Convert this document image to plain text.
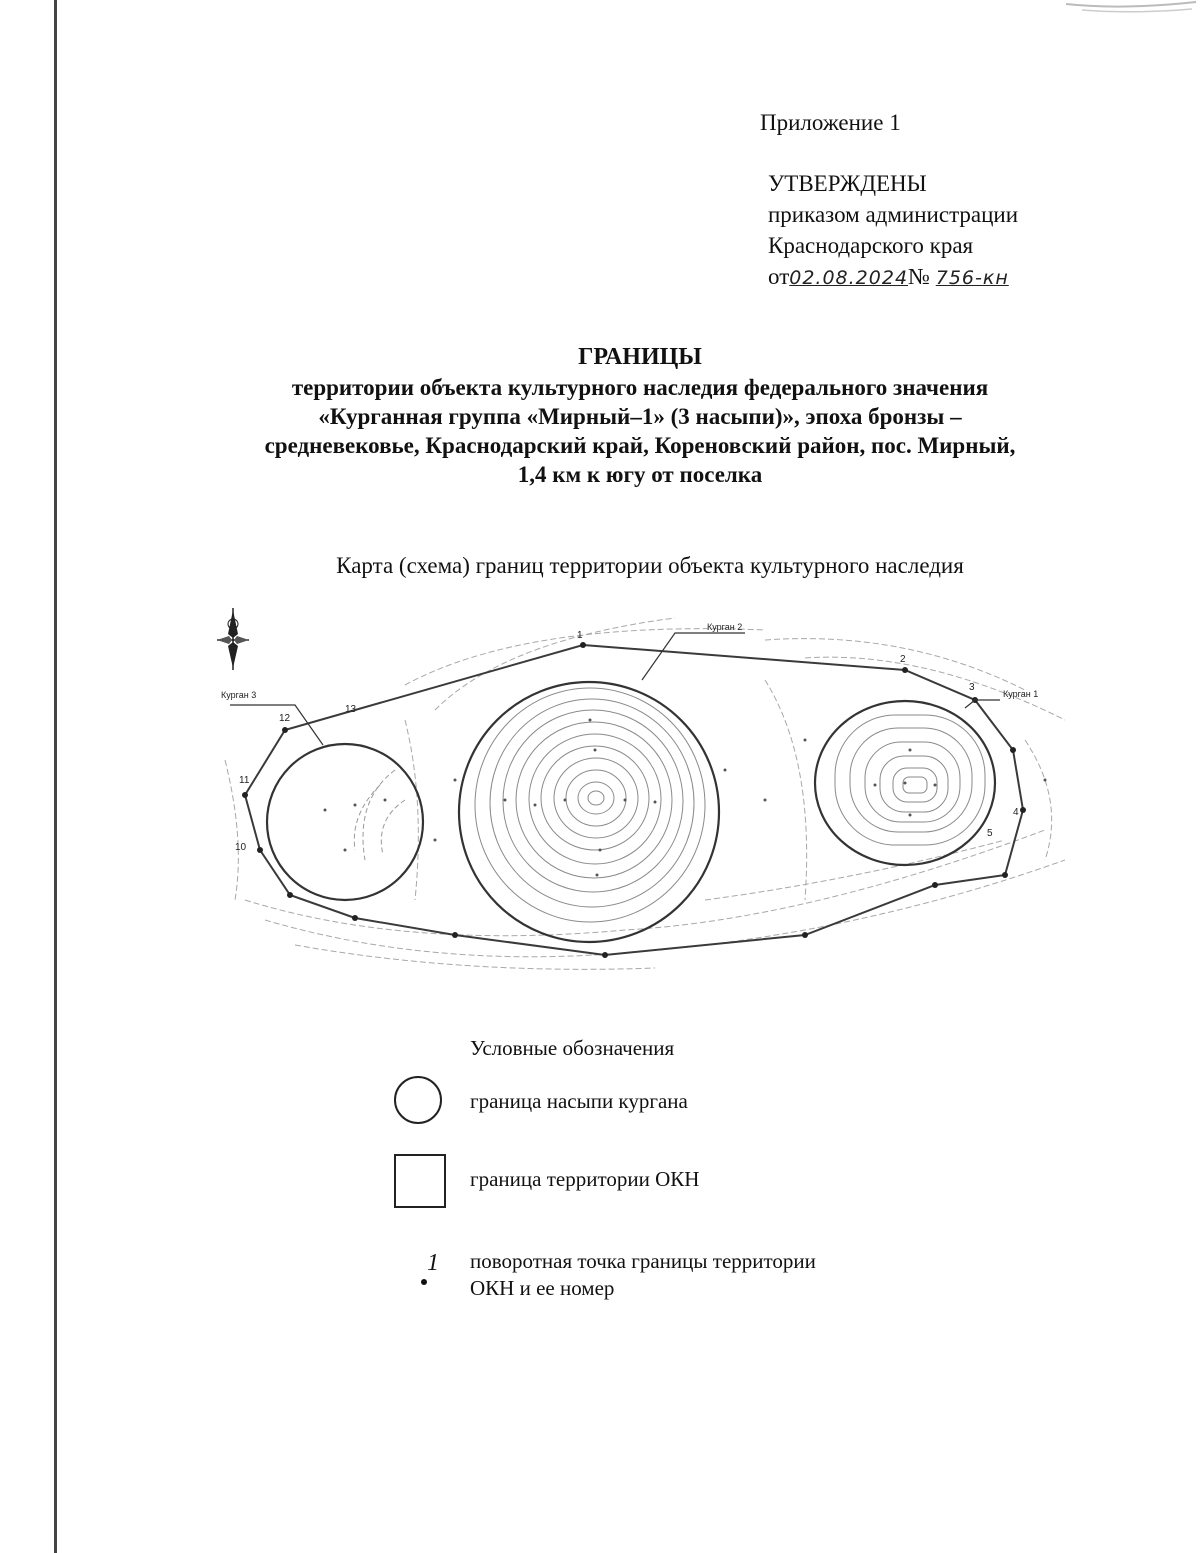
Приложение 1
УТВЕРЖДЕНЫ
приказом администрации
Краснодарского края
от02.08.2024№ 756-кн
ГРАНИЦЫ
территории объекта культурного наследия федерального значения
«Курганная группа «Мирный–1» (3 насыпи)», эпоха бронзы –
средневековье, Краснодарский край, Кореновский район, пос. Мирный,
1,4 км к югу от поселка
Карта (схема) границ территории объекта культурного наследия
Курган 2
Курган 3	Курган 1
1
2
3
4
5
10
11
12
13
С
Условные обозначения
граница насыпи кургана
граница территории ОКН
1 поворотная точка границы территории
ОКН и ее номер
